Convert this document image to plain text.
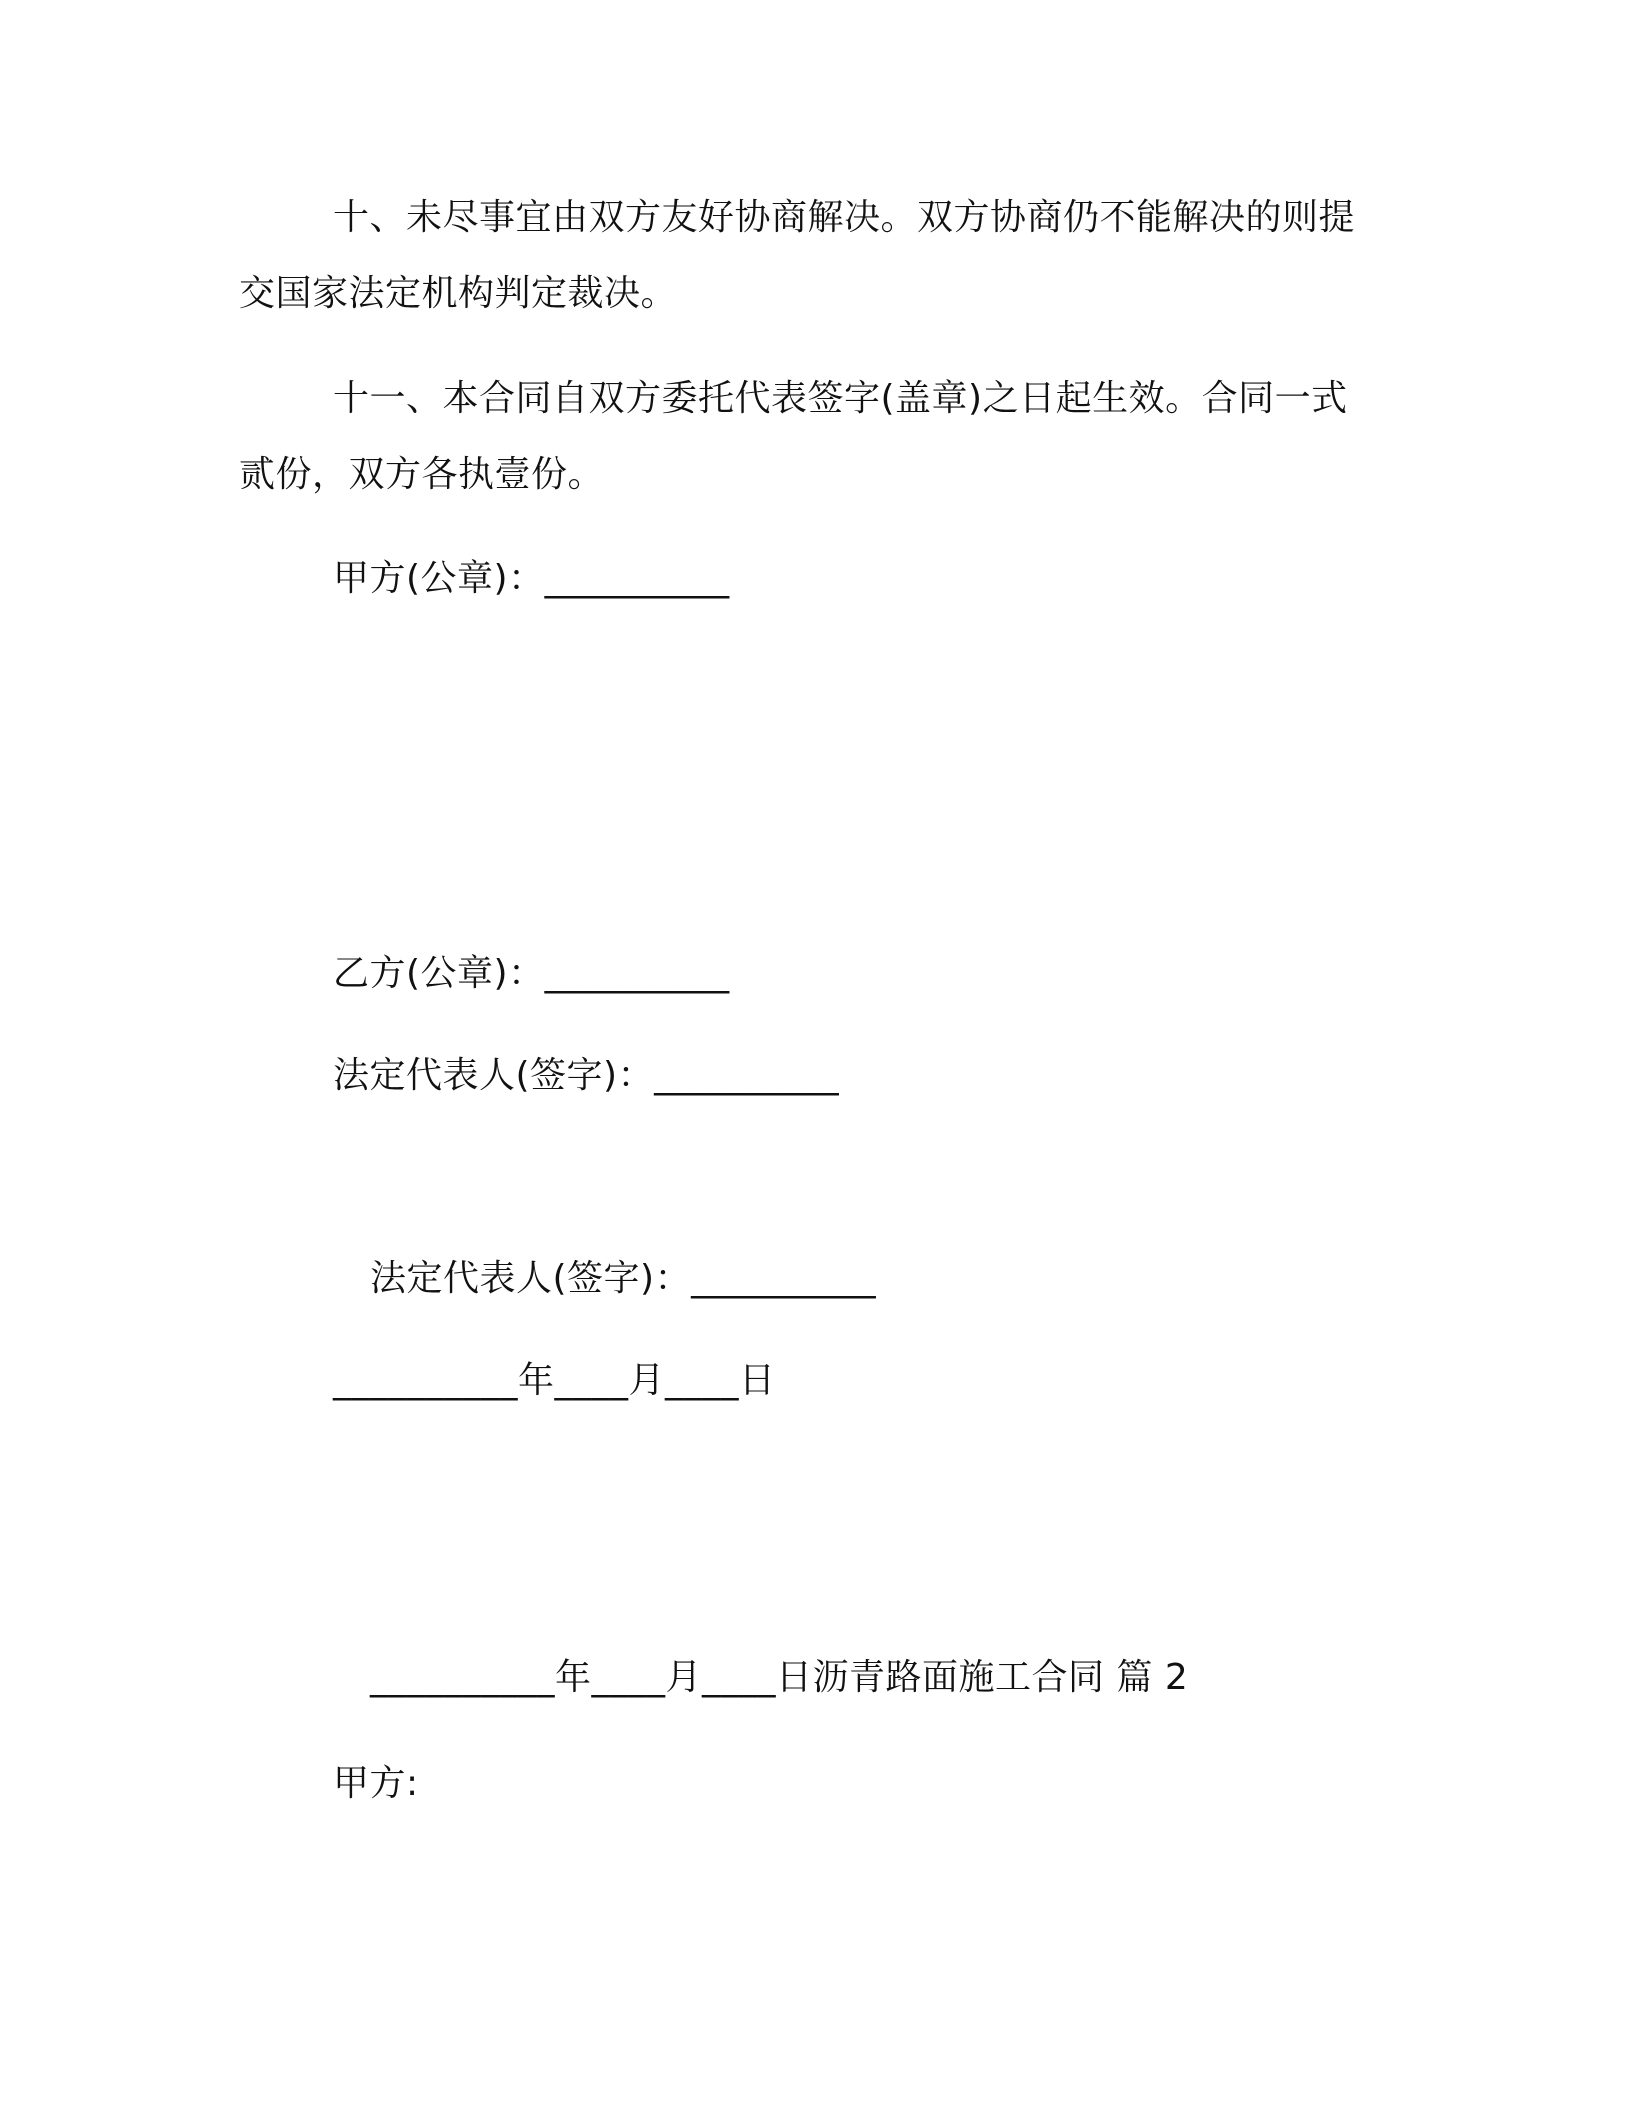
十、未尽事宜由双方友好协商解决。双方协商仍不能解决的则提
交国家法定机构判定裁决。
十一、本合同自双方委托代表签字(盖章)之日起生效。合同一式
贰份，双方各执壹份。
甲方(公章)：__________
乙方(公章)：__________
法定代表人(签字)：__________
法定代表人(签字)：__________
__________年____月____日
__________年____月____日沥青路面施工合同 篇 2
甲方:
